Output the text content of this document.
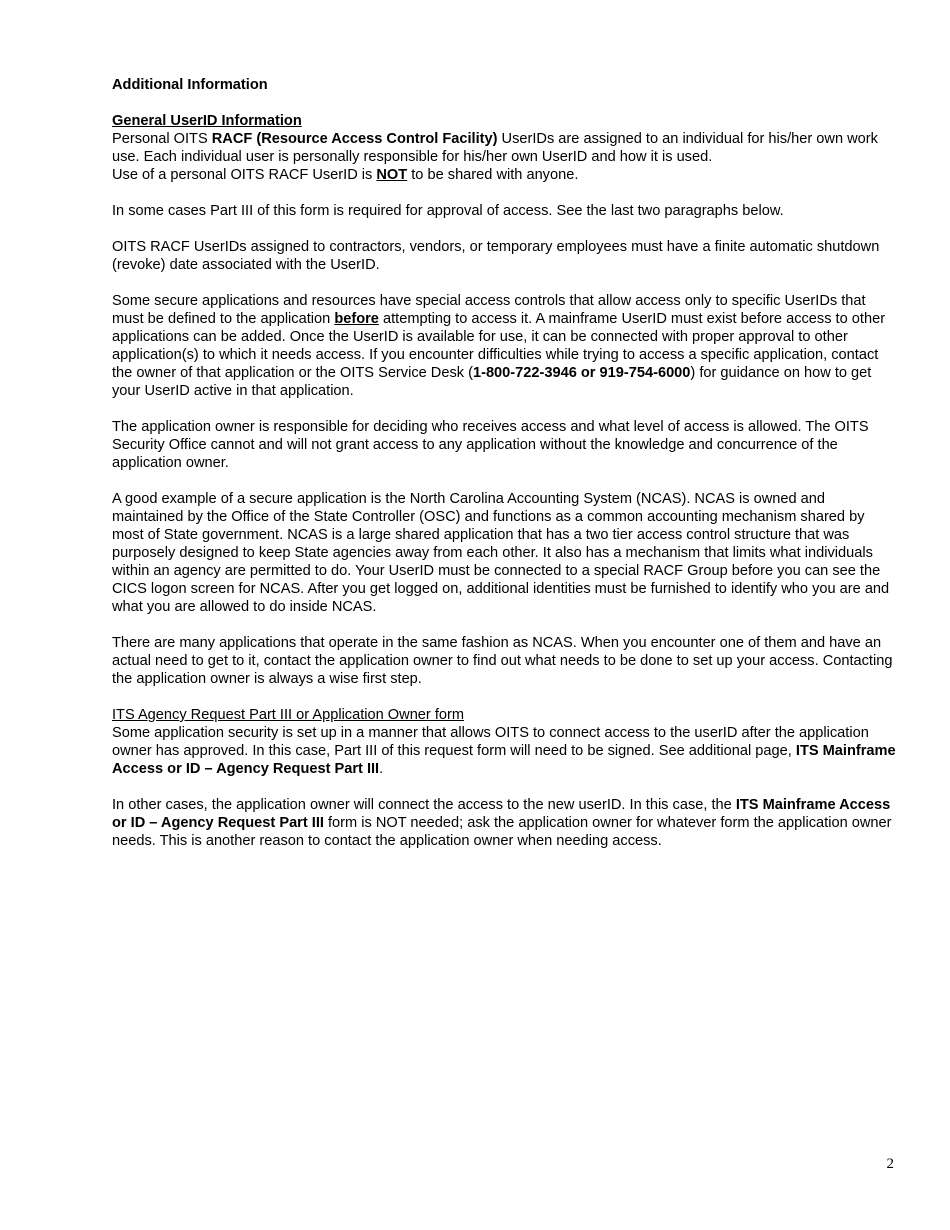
Additional Information
General UserID Information
Personal OITS RACF (Resource Access Control Facility) UserIDs are assigned to an individual for his/her own work use. Each individual user is personally responsible for his/her own UserID and how it is used.
Use of a personal OITS RACF UserID is NOT to be shared with anyone.

In some cases Part III of this form is required for approval of access. See the last two paragraphs below.

OITS RACF UserIDs assigned to contractors, vendors, or temporary employees must have a finite automatic shutdown (revoke) date associated with the UserID.

Some secure applications and resources have special access controls that allow access only to specific UserIDs that must be defined to the application before attempting to access it. A mainframe UserID must exist before access to other applications can be added. Once the UserID is available for use, it can be connected with proper approval to other application(s) to which it needs access. If you encounter difficulties while trying to access a specific application, contact the owner of that application or the OITS Service Desk (1-800-722-3946 or 919-754-6000) for guidance on how to get your UserID active in that application.

The application owner is responsible for deciding who receives access and what level of access is allowed. The OITS Security Office cannot and will not grant access to any application without the knowledge and concurrence of the application owner.

A good example of a secure application is the North Carolina Accounting System (NCAS). NCAS is owned and maintained by the Office of the State Controller (OSC) and functions as a common accounting mechanism shared by most of State government. NCAS is a large shared application that has a two tier access control structure that was purposely designed to keep State agencies away from each other. It also has a mechanism that limits what individuals within an agency are permitted to do. Your UserID must be connected to a special RACF Group before you can see the CICS logon screen for NCAS. After you get logged on, additional identities must be furnished to identify who you are and what you are allowed to do inside NCAS.

There are many applications that operate in the same fashion as NCAS. When you encounter one of them and have an actual need to get to it, contact the application owner to find out what needs to be done to set up your access. Contacting the application owner is always a wise first step.

ITS Agency Request Part III or Application Owner form
Some application security is set up in a manner that allows OITS to connect access to the userID after the application owner has approved. In this case, Part III of this request form will need to be signed. See additional page, ITS Mainframe Access or ID – Agency Request Part III.

In other cases, the application owner will connect the access to the new userID. In this case, the ITS Mainframe Access or ID – Agency Request Part III form is NOT needed; ask the application owner for whatever form the application owner needs. This is another reason to contact the application owner when needing access.

2
